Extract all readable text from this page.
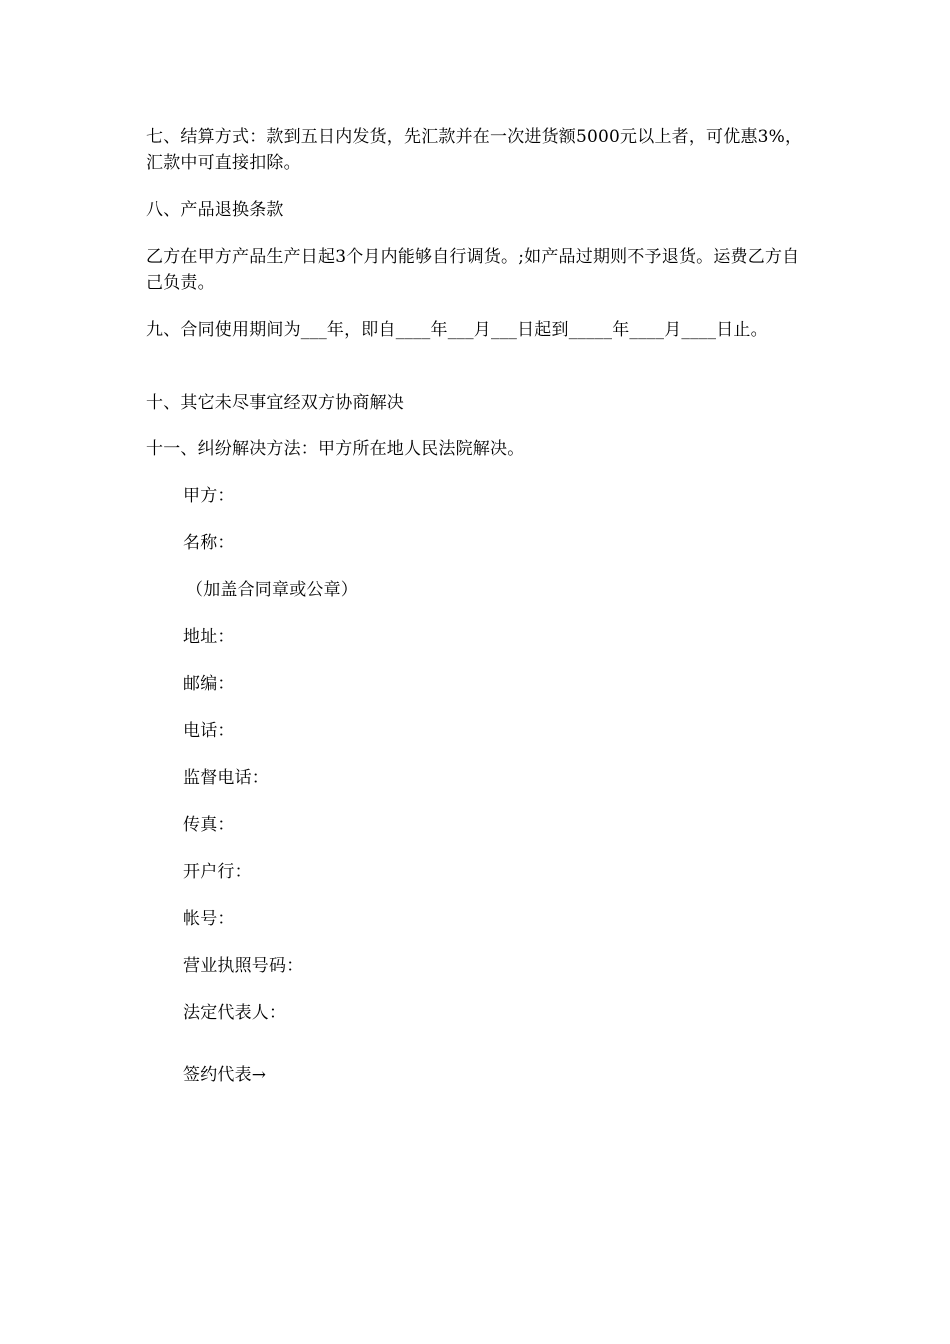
七、结算方式：款到五日内发货，先汇款并在一次进货额5000元以上者，可优惠3%，汇款中可直接扣除。
八、产品退换条款
乙方在甲方产品生产日起3个月内能够自行调货。;如产品过期则不予退货。运费乙方自己负责。
九、合同使用期间为___年，即自____年___月___日起到_____年____月____日止。
十、其它未尽事宜经双方协商解决
十一、纠纷解决方法：甲方所在地人民法院解决。
甲方：
名称：
（加盖合同章或公章）
地址：
邮编：
电话：
监督电话：
传真：
开户行：
帐号：
营业执照号码：
法定代表人：
签约代表→
